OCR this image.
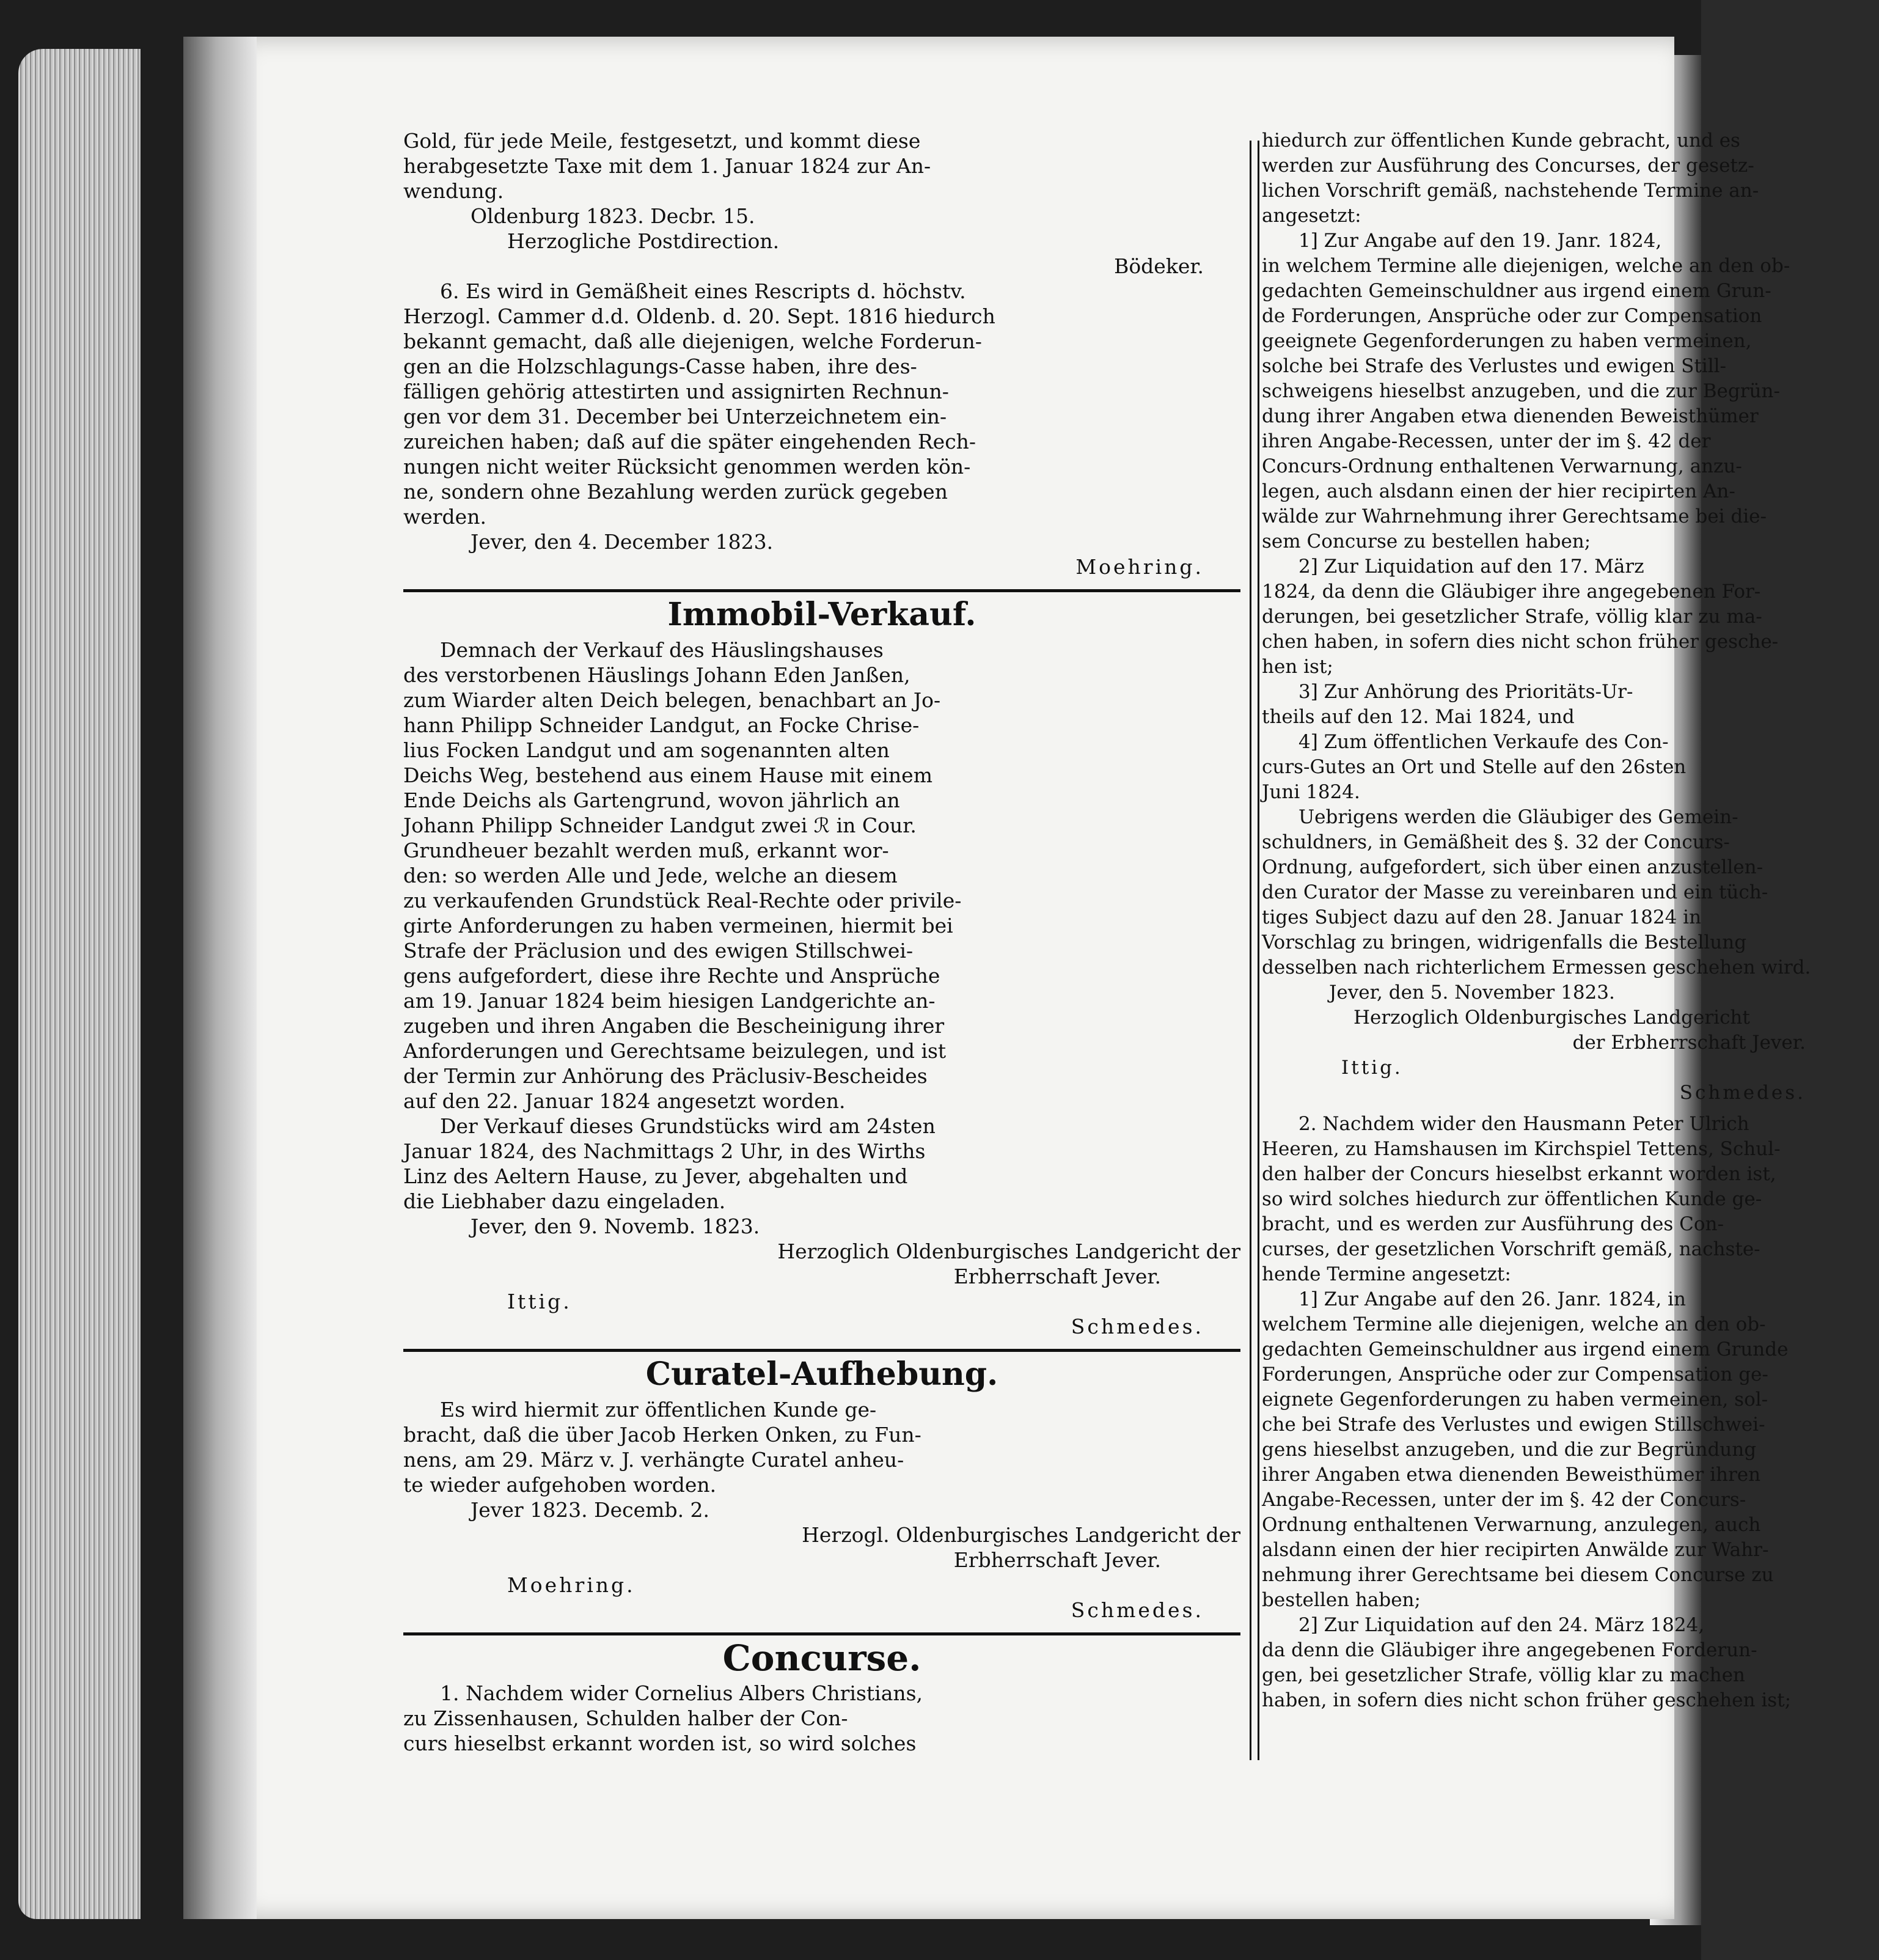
Gold, für jede Meile, festgesetzt, und kommt diese

herabgesetzte Taxe mit dem 1. Januar 1824 zur An-

wendung.

Oldenburg 1823. Decbr. 15.

Herzogliche Postdirection.

Bödeker.

6. Es wird in Gemäßheit eines Rescripts d. höchstv.

Herzogl. Cammer d.d. Oldenb. d. 20. Sept. 1816 hiedurch

bekannt gemacht, daß alle diejenigen, welche Forderun-

gen an die Holzschlagungs-Casse haben, ihre des-

fälligen gehörig attestirten und assignirten Rechnun-

gen vor dem 31. December bei Unterzeichnetem ein-

zureichen haben; daß auf die später eingehenden Rech-

nungen nicht weiter Rücksicht genommen werden kön-

ne, sondern ohne Bezahlung werden zurück gegeben

werden.

Jever, den 4. December 1823.

Moehring.

Immobil-Verkauf.

Demnach der Verkauf des Häuslingshauses

des verstorbenen Häuslings Johann Eden Janßen,

zum Wiarder alten Deich belegen, benachbart an Jo-

hann Philipp Schneider Landgut, an Focke Chrise-

lius Focken Landgut und am sogenannten alten

Deichs Weg, bestehend aus einem Hause mit einem

Ende Deichs als Gartengrund, wovon jährlich an

Johann Philipp Schneider Landgut zwei ℛ in Cour.

Grundheuer bezahlt werden muß, erkannt wor-

den: so werden Alle und Jede, welche an diesem

zu verkaufenden Grundstück Real-Rechte oder privile-

girte Anforderungen zu haben vermeinen, hiermit bei

Strafe der Präclusion und des ewigen Stillschwei-

gens aufgefordert, diese ihre Rechte und Ansprüche

am 19. Januar 1824 beim hiesigen Landgerichte an-

zugeben und ihren Angaben die Bescheinigung ihrer

Anforderungen und Gerechtsame beizulegen, und ist

der Termin zur Anhörung des Präclusiv-Bescheides

auf den 22. Januar 1824 angesetzt worden.

Der Verkauf dieses Grundstücks wird am 24sten

Januar 1824, des Nachmittags 2 Uhr, in des Wirths

Linz des Aeltern Hause, zu Jever, abgehalten und

die Liebhaber dazu eingeladen.

Jever, den 9. Novemb. 1823.

Herzoglich Oldenburgisches Landgericht der

Erbherrschaft Jever.

Ittig.

Schmedes.

Curatel-Aufhebung.

Es wird hiermit zur öffentlichen Kunde ge-

bracht, daß die über Jacob Herken Onken, zu Fun-

nens, am 29. März v. J. verhängte Curatel anheu-

te wieder aufgehoben worden.

Jever 1823. Decemb. 2.

Herzogl. Oldenburgisches Landgericht der

Erbherrschaft Jever.

Moehring.

Schmedes.

Concurse.

1. Nachdem wider Cornelius Albers Christians,

zu Zissenhausen, Schulden halber der Con-

curs hieselbst erkannt worden ist, so wird solches

hiedurch zur öffentlichen Kunde gebracht, und es

werden zur Ausführung des Concurses, der gesetz-

lichen Vorschrift gemäß, nachstehende Termine an-

angesetzt:

1] Zur Angabe auf den 19. Janr. 1824,

in welchem Termine alle diejenigen, welche an den ob-

gedachten Gemeinschuldner aus irgend einem Grun-

de Forderungen, Ansprüche oder zur Compensation

geeignete Gegenforderungen zu haben vermeinen,

solche bei Strafe des Verlustes und ewigen Still-

schweigens hieselbst anzugeben, und die zur Begrün-

dung ihrer Angaben etwa dienenden Beweisthümer

ihren Angabe-Recessen, unter der im §. 42 der

Concurs-Ordnung enthaltenen Verwarnung, anzu-

legen, auch alsdann einen der hier recipirten An-

wälde zur Wahrnehmung ihrer Gerechtsame bei die-

sem Concurse zu bestellen haben;

2] Zur Liquidation auf den 17. März

1824, da denn die Gläubiger ihre angegebenen For-

derungen, bei gesetzlicher Strafe, völlig klar zu ma-

chen haben, in sofern dies nicht schon früher gesche-

hen ist;

3] Zur Anhörung des Prioritäts-Ur-

theils auf den 12. Mai 1824, und

4] Zum öffentlichen Verkaufe des Con-

curs-Gutes an Ort und Stelle auf den 26sten

Juni 1824.

Uebrigens werden die Gläubiger des Gemein-

schuldners, in Gemäßheit des §. 32 der Concurs-

Ordnung, aufgefordert, sich über einen anzustellen-

den Curator der Masse zu vereinbaren und ein tüch-

tiges Subject dazu auf den 28. Januar 1824 in

Vorschlag zu bringen, widrigenfalls die Bestellung

desselben nach richterlichem Ermessen geschehen wird.

Jever, den 5. November 1823.

Herzoglich Oldenburgisches Landgericht

der Erbherrschaft Jever.

Ittig.

Schmedes.

2. Nachdem wider den Hausmann Peter Ulrich

Heeren, zu Hamshausen im Kirchspiel Tettens, Schul-

den halber der Concurs hieselbst erkannt worden ist,

so wird solches hiedurch zur öffentlichen Kunde ge-

bracht, und es werden zur Ausführung des Con-

curses, der gesetzlichen Vorschrift gemäß, nachste-

hende Termine angesetzt:

1] Zur Angabe auf den 26. Janr. 1824, in

welchem Termine alle diejenigen, welche an den ob-

gedachten Gemeinschuldner aus irgend einem Grunde

Forderungen, Ansprüche oder zur Compensation ge-

eignete Gegenforderungen zu haben vermeinen, sol-

che bei Strafe des Verlustes und ewigen Stillschwei-

gens hieselbst anzugeben, und die zur Begründung

ihrer Angaben etwa dienenden Beweisthümer ihren

Angabe-Recessen, unter der im §. 42 der Concurs-

Ordnung enthaltenen Verwarnung, anzulegen, auch

alsdann einen der hier recipirten Anwälde zur Wahr-

nehmung ihrer Gerechtsame bei diesem Concurse zu

bestellen haben;

2] Zur Liquidation auf den 24. März 1824,

da denn die Gläubiger ihre angegebenen Forderun-

gen, bei gesetzlicher Strafe, völlig klar zu machen

haben, in sofern dies nicht schon früher geschehen ist;
